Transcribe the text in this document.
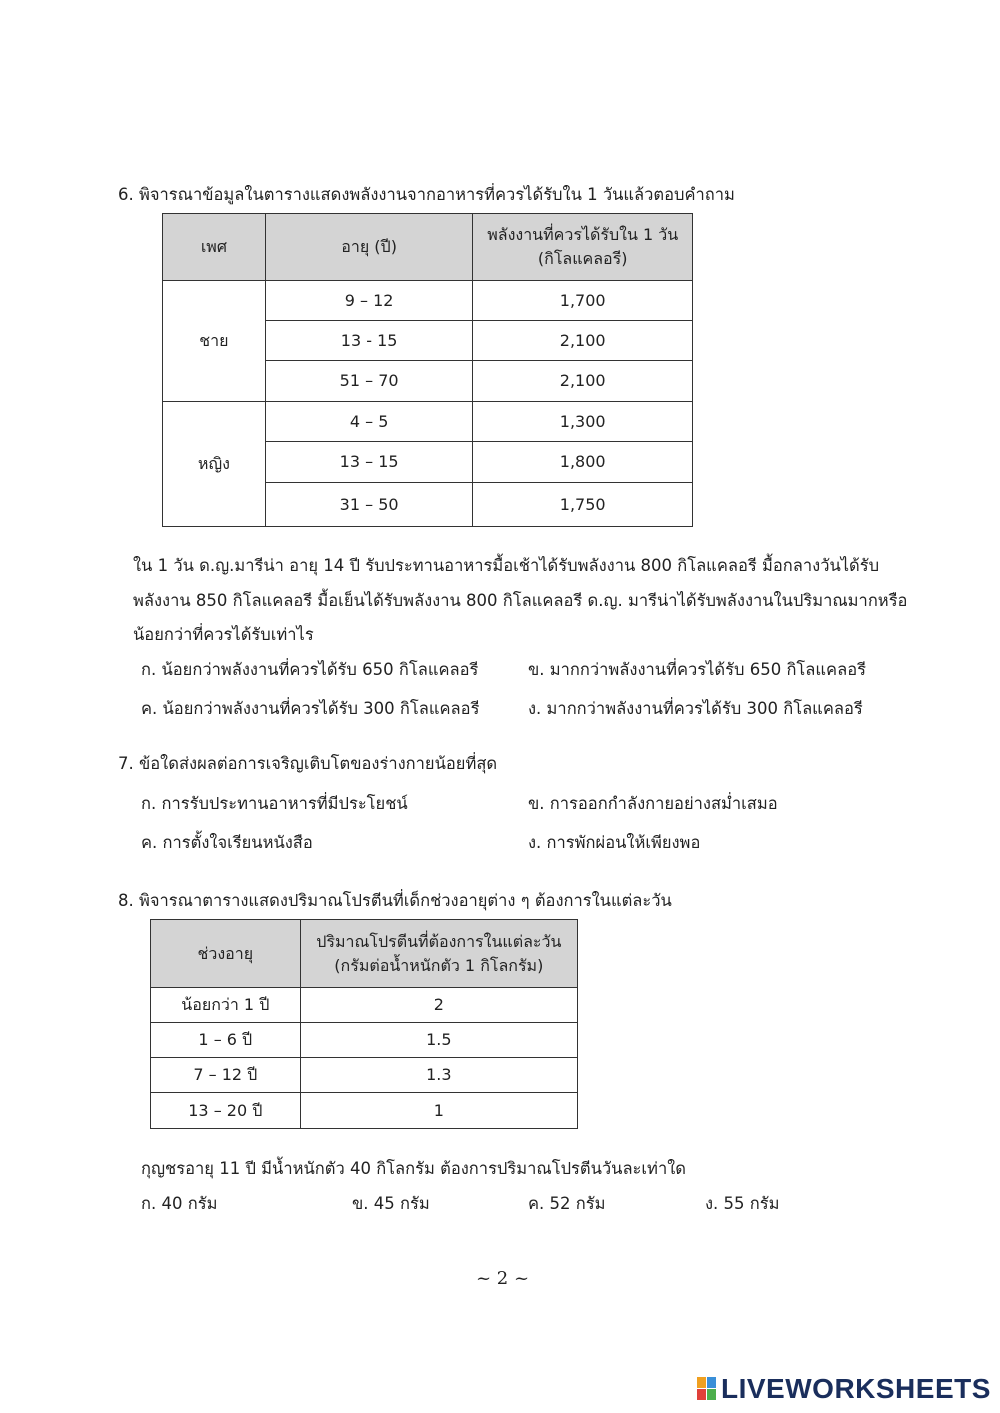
6. พิจารณาข้อมูลในตารางแสดงพลังงานจากอาหารที่ควรได้รับใน 1 วันแล้วตอบคำถาม
เพศ	อายุ (ปี)	พลังงานที่ควรได้รับใน 1 วัน
(กิโลแคลอรี)

ชาย	9 – 12	1,700
	13 - 15	2,100
	51 – 70	2,100
หญิง	4 – 5	1,300
	13 – 15	1,800
	31 – 50	1,750
ใน 1 วัน ด.ญ.มารีน่า อายุ 14 ปี รับประทานอาหารมื้อเช้าได้รับพลังงาน 800 กิโลแคลอรี มื้อกลางวันได้รับ
พลังงาน 850 กิโลแคลอรี มื้อเย็นได้รับพลังงาน 800 กิโลแคลอรี ด.ญ. มารีน่าได้รับพลังงานในปริมาณมากหรือ
น้อยกว่าที่ควรได้รับเท่าไร
ก. น้อยกว่าพลังงานที่ควรได้รับ 650 กิโลแคลอรี	ข. มากกว่าพลังงานที่ควรได้รับ 650 กิโลแคลอรี
ค. น้อยกว่าพลังงานที่ควรได้รับ 300 กิโลแคลอรี	ง. มากกว่าพลังงานที่ควรได้รับ 300 กิโลแคลอรี
7. ข้อใดส่งผลต่อการเจริญเติบโตของร่างกายน้อยที่สุด
ก. การรับประทานอาหารที่มีประโยชน์	ข. การออกกำลังกายอย่างสม่ำเสมอ
ค. การตั้งใจเรียนหนังสือ	ง. การพักผ่อนให้เพียงพอ
8. พิจารณาตารางแสดงปริมาณโปรตีนที่เด็กช่วงอายุต่าง ๆ ต้องการในแต่ละวัน
ช่วงอายุ	ปริมาณโปรตีนที่ต้องการในแต่ละวัน
(กรัมต่อน้ำหนักตัว 1 กิโลกรัม)

น้อยกว่า 1 ปี	2
1 – 6 ปี	1.5
7 – 12 ปี	1.3
13 – 20 ปี	1
กุญชรอายุ 11 ปี มีน้ำหนักตัว 40 กิโลกรัม ต้องการปริมาณโปรตีนวันละเท่าใด
ก. 40 กรัม	ข. 45 กรัม	ค. 52 กรัม	ง. 55 กรัม
~ 2 ~
LIVEWORKSHEETS
